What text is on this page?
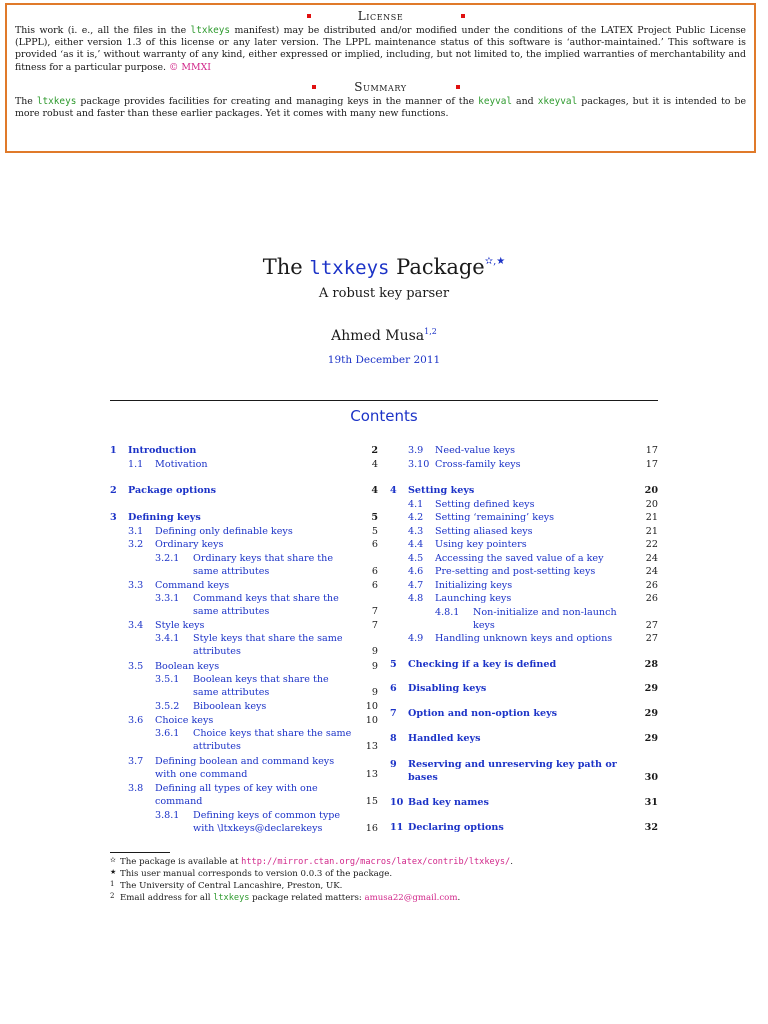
License

This work (i. e., all the files in the ltxkeys manifest) may be distributed and/or modified under the conditions of the LATEX Project Public License (LPPL), either version 1.3 of this license or any later version. The LPPL maintenance status of this software is ‘author-maintained.’ This software is provided ‘as it is,’ without warranty of any kind, either expressed or implied, including, but not limited to, the implied warranties of merchantability and fitness for a particular purpose. © MMXI

Summary

The ltxkeys package provides facilities for creating and managing keys in the manner of the keyval and xkeyval packages, but it is intended to be more robust and faster than these earlier packages. Yet it comes with many new functions.

The ltxkeys Package✫,★
A robust key parser
Ahmed Musa$^{1,2}$
19th December 2011
Contents
1	Introduction	2
1.1	Motivation	4
2	Package options	4
3	Defining keys	5
3.1	Defining only definable keys	5
3.2	Ordinary keys	6
3.2.1	Ordinary keys that share the same attributes	6
3.3	Command keys	6
3.3.1	Command keys that share the same attributes	7
3.4	Style keys	7
3.4.1	Style keys that share the same attributes	9
3.5	Boolean keys	9
3.5.1	Boolean keys that share the same attributes	9
3.5.2	Biboolean keys	10
3.6	Choice keys	10
3.6.1	Choice keys that share the same attributes	13
3.7	Defining boolean and command keys with one command	13
3.8	Defining all types of key with one command	15
3.8.1	Defining keys of common type with \ltxkeys@declarekeys	16
3.9	Need-value keys	17
3.10 Cross-family keys	17
4	Setting keys	20
4.1	Setting defined keys	20
4.2	Setting ‘remaining’ keys	21
4.3	Setting aliased keys	21
4.4	Using key pointers	22
4.5	Accessing the saved value of a key	24
4.6	Pre-setting and post-setting keys	24
4.7	Initializing keys	26
4.8	Launching keys	26
4.8.1	Non-initialize and non-launch keys	27
4.9	Handling unknown keys and options	27
5	Checking if a key is defined	28
6	Disabling keys	29
7	Option and non-option keys	29
8	Handled keys	29
9	Reserving and unreserving key path or bases	30
10 Bad key names	31
11 Declaring options	32
✫ The package is available at http://mirror.ctan.org/macros/latex/contrib/ltxkeys/.
★ This user manual corresponds to version 0.0.3 of the package.
1 The University of Central Lancashire, Preston, UK.
2 Email address for all ltxkeys package related matters: amusa22@gmail.com.
